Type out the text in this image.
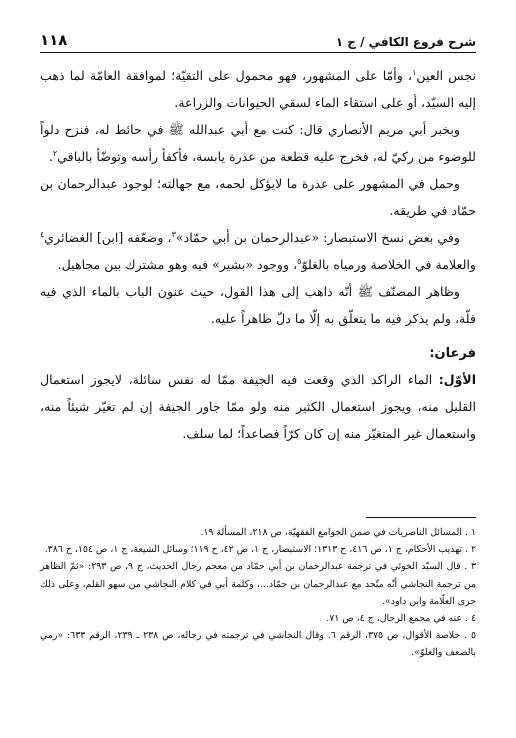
شرح فروع الكافي / ج ١
١١٨

نجس العين$^١$، وأمّا على المشهور، فهو محمول على التقيّة؛ لموافقة العامّة لما ذهب إليه السيّد، أو على استقاء الماء لسقي الحيوانات والزراعة.

وبخبر أبي مريم الأنصاري قال: كنت مع أبي عبدالله ﷺ في حائط له، فنزح دلواً للوضوء من ركيّ له، فخرج عليه قطعة من عذرة يابسة، فأكفأ رأسه وتوضّأ بالباقي$^٢$.

وحمل في المشهور على عذرة ما لايؤكل لحمه، مع جهالته؛ لوجود عبدالرحمان بن حمّاد في طريقه.

وفي بعض نسخ الاستبصار: «عبدالرحمان بن أبي حمّاد»$^٣$، وضعّفه [ابن] الغضائري$^٤$ والعلامة في الخلاصة ورمياه بالغلوّ$^٥$، ووجود «بشير» فيه وهو مشترك بين مجاهيل.

وظاهر المصنّف ﷺ أنّه ذاهب إلى هذا القول، حيث عنون الباب بالماء الذي فيه قلّة، ولم يذكر فيه ما يتعلّق به إلّا ما دلّ ظاهراً عليه.

فرعان:

الأوّل: الماء الراكد الذي وقعت فيه الجيفة ممّا له نفس سائلة، لايجوز استعمال القليل منه، ويجوز استعمال الكثير منه ولو ممّا جاور الجيفة إن لم تغيّر شيئاً منه، واستعمال غير المتغيّر منه إن كان كرّاً فصاعداً؛ لما سلف.

١ . المسائل الناصريات في ضمن الجوامع الفقهيّة، ص ٢١٨، المسألة ١٩.

٢ . تهذيب الأحكام، ج ١، ص ٤١٦، ح ١٣١٣؛ الاستبصار، ج ١، ص ٤٢، ح ١١٩؛ وسائل الشيعة، ج ١، ص ١٥٤، ح ٣٨٦.

٣ . قال السيّد الخوئي في ترجمة عبدالرحمان بن أبي حمّاد من معجم رجال الحديث، ج ٩، ص ٢٩٣: «ثمّ الظاهر من ترجمة النجاشي أنّه متّحد مع عبدالرحمان بن حمّاد...، وكلمة أبي في كلام النجاشي من سهو القلم، وعلى ذلك جرى العلّامة وابن داود».

٤ . عنه في مجمع الرجال، ج ٤، ص ٧١.

٥ . خلاصة الأقوال، ص ٣٧٥، الرقم ٦. وقال النجاشي في ترجمته في رجاله، ص ٢٣٨ ـ ٢٣٩، الرقم ٦٣٣: «رمي بالضعف والغلوّ».
